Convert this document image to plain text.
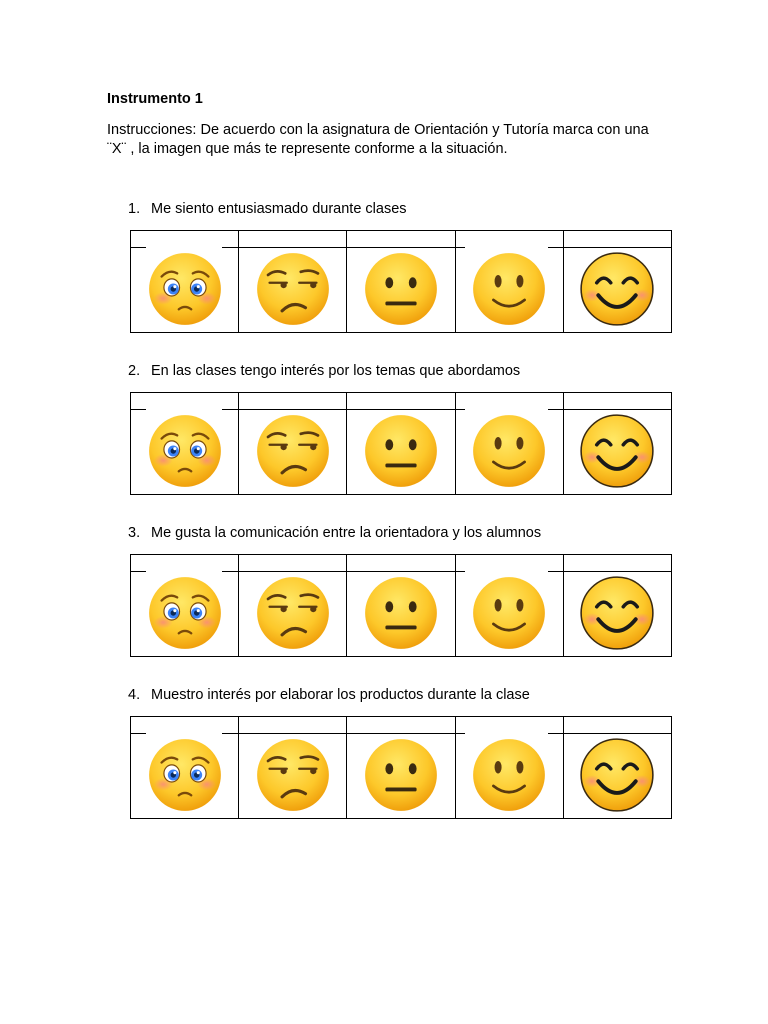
Instrumento 1

Instrucciones: De acuerdo con la asignatura de Orientación y Tutoría marca con una ¨X¨ , la imagen que más te represente conforme a la situación.

1. Me siento entusiasmado durante clases
2. En las clases tengo interés por los temas que abordamos
3. Me gusta la comunicación entre la orientadora y los alumnos
4. Muestro interés por elaborar los productos durante la clase
